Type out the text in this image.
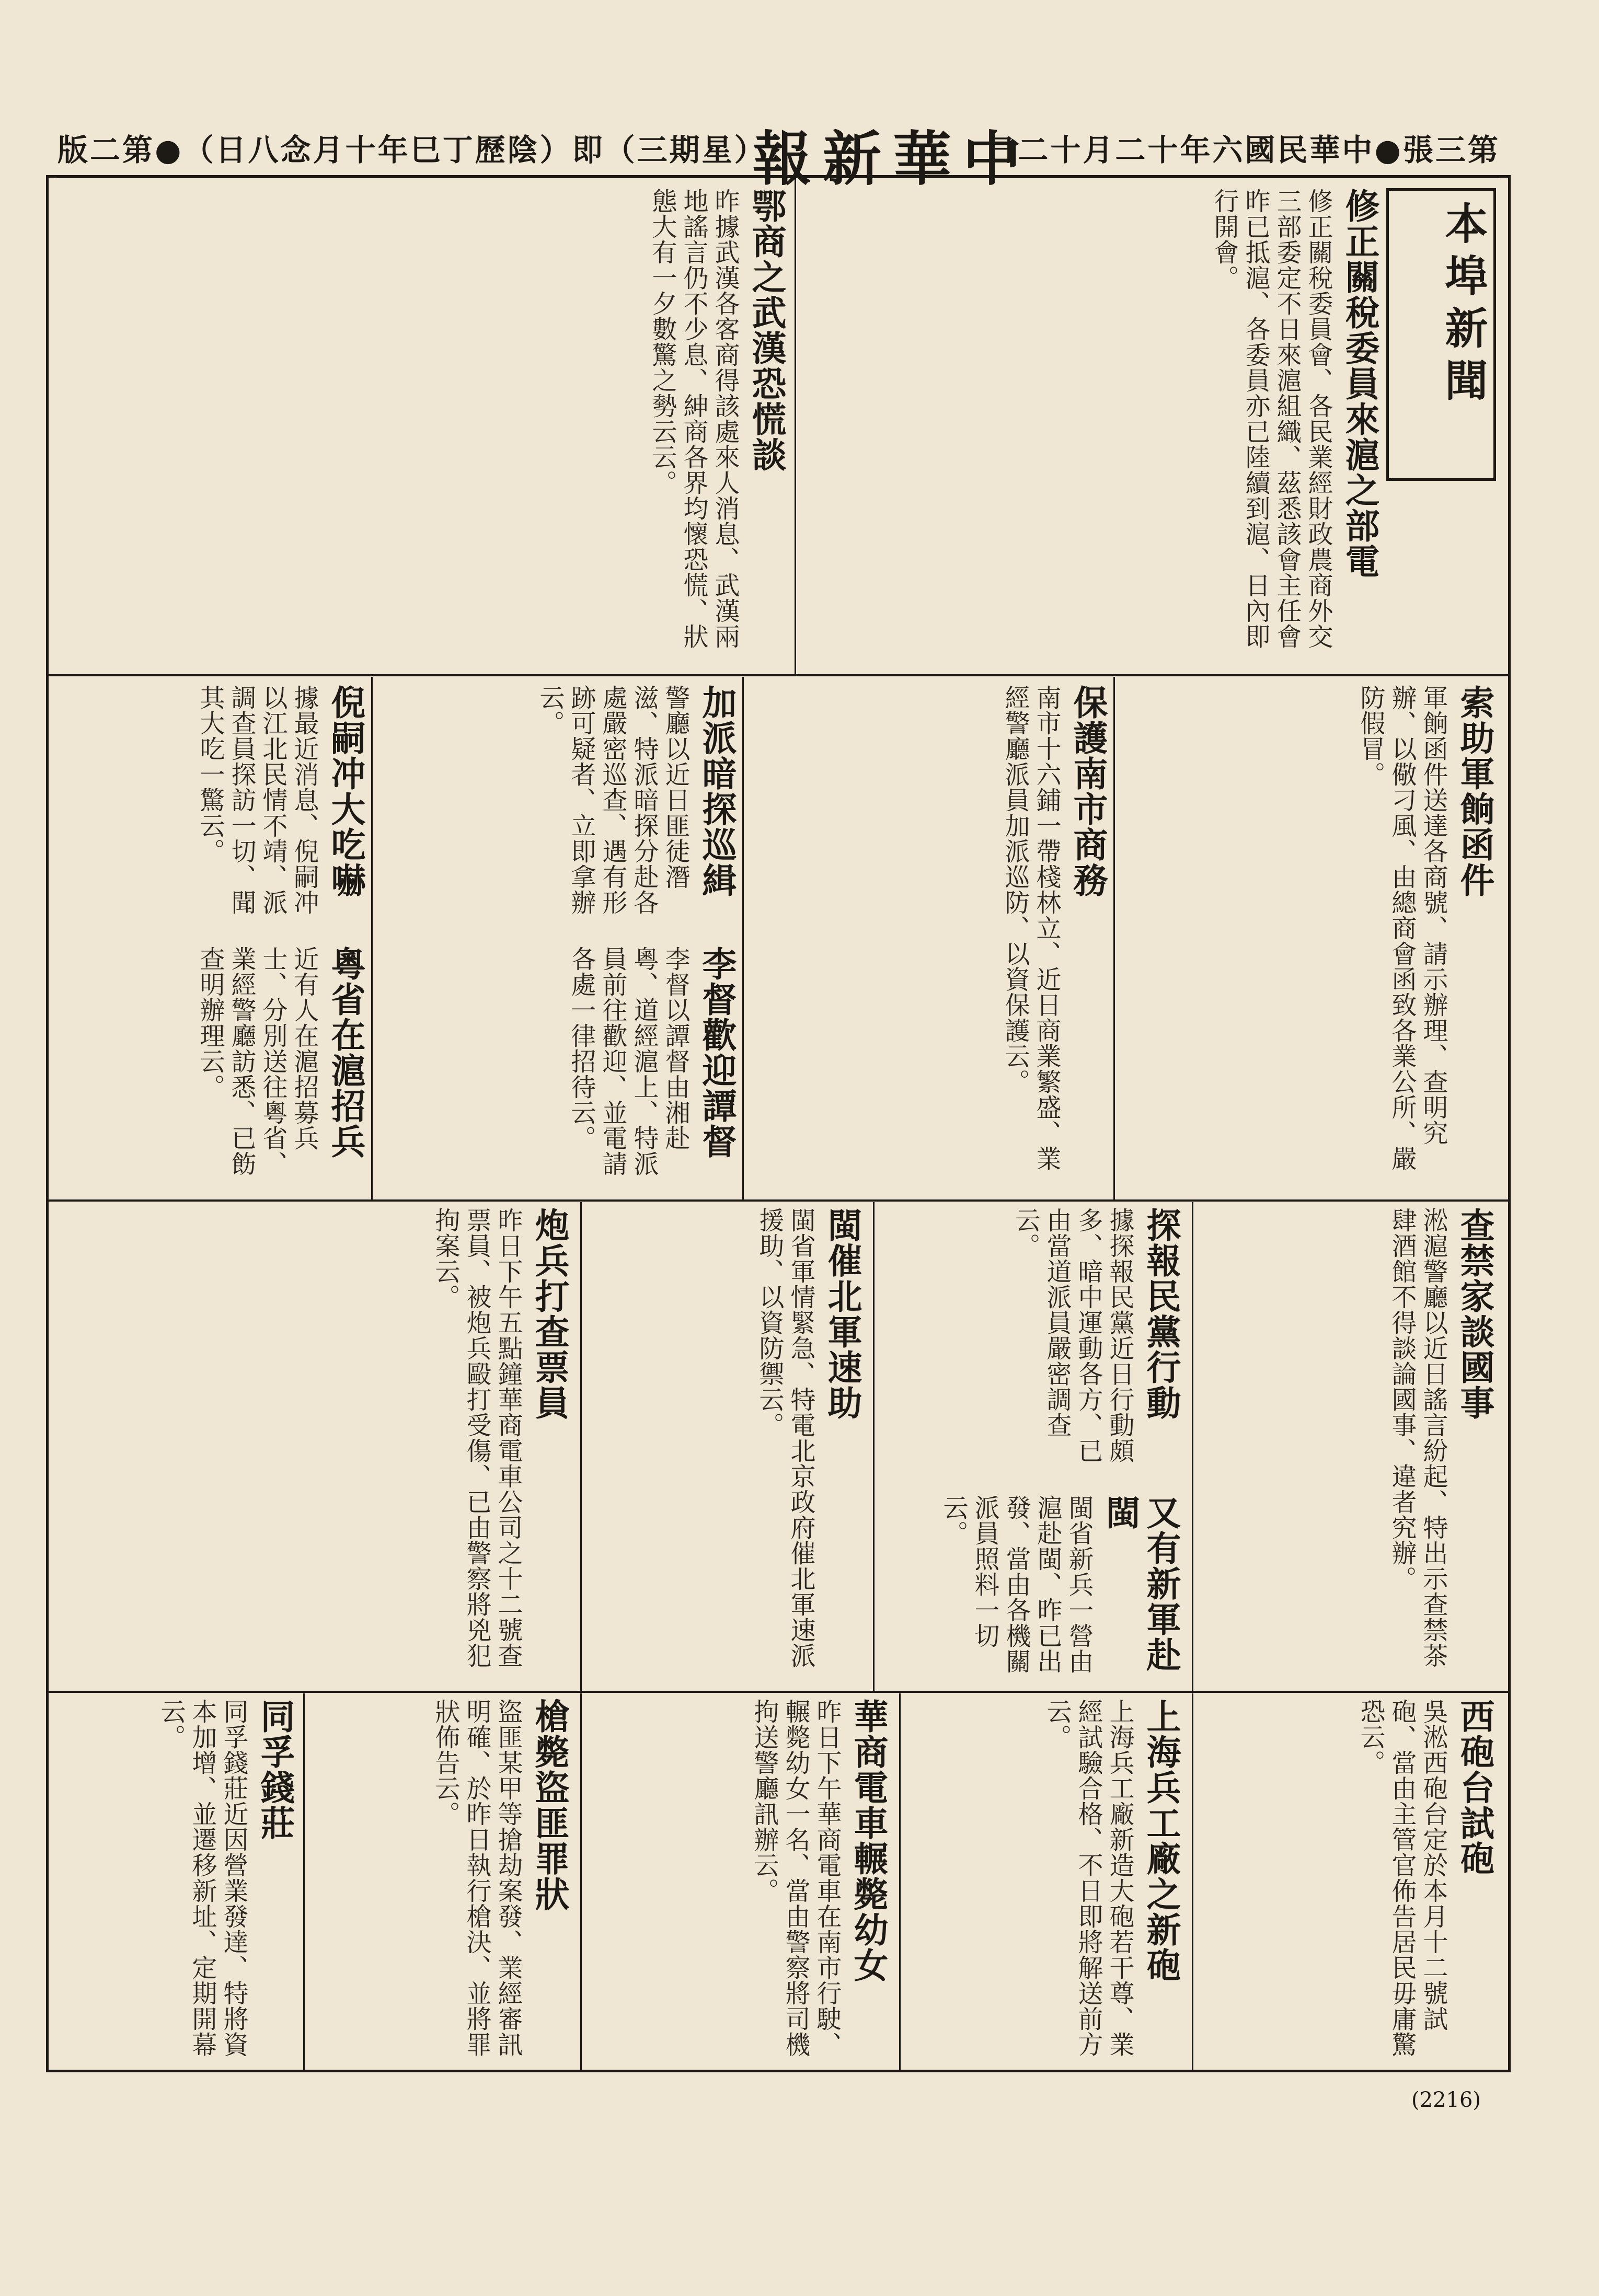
版二第●（日八念月十年巳丁歷陰）即（三期星）
報新華中
日二十月二十年六國民華中●張三第
本埠新聞
修正關稅委員來滬之部電
修正關稅委員會、各民業經財政農商外交三部委定不日來滬組織、茲悉該會主任會昨已抵滬、各委員亦已陸續到滬、日內即行開會。
鄂商之武漢恐慌談
昨據武漢各客商得該處來人消息、武漢兩地謠言仍不少息、紳商各界均懷恐慌、狀態大有一夕數驚之勢云云。
索助軍餉函件
軍餉函件送達各商號、請示辦理、查明究辦、以儆刁風、由總商會函致各業公所、嚴防假冒。
保護南市商務
南市十六鋪一帶棧林立、近日商業繁盛、業經警廳派員加派巡防、以資保護云。
加派暗探巡緝
警廳以近日匪徒潛滋、特派暗探分赴各處嚴密巡查、遇有形跡可疑者、立即拿辦云。
倪嗣冲大吃嚇
據最近消息、倪嗣冲以江北民情不靖、派調查員探訪一切、聞其大吃一驚云。
李督歡迎譚督
李督以譚督由湘赴粵、道經滬上、特派員前往歡迎、並電請各處一律招待云。
粵省在滬招兵
近有人在滬招募兵士、分別送往粵省、業經警廳訪悉、已飭查明辦理云。
查禁家談國事
淞滬警廳以近日謠言紛起、特出示查禁茶肆酒館不得談論國事、違者究辦。
探報民黨行動
據探報民黨近日行動頗多、暗中運動各方、已由當道派員嚴密調查云。
又有新軍赴閩
閩省新兵一營由滬赴閩、昨已出發、當由各機關派員照料一切云。
閩催北軍速助
閩省軍情緊急、特電北京政府催北軍速派援助、以資防禦云。
炮兵打查票員
昨日下午五點鐘華商電車公司之十二號查票員、被炮兵毆打受傷、已由警察將兇犯拘案云。
西砲台試砲
吳淞西砲台定於本月十二號試砲、當由主管官佈告居民毋庸驚恐云。
上海兵工廠之新砲
上海兵工廠新造大砲若干尊、業經試驗合格、不日即將解送前方云。
華商電車輾斃幼女
昨日下午華商電車在南市行駛、輾斃幼女一名、當由警察將司機拘送警廳訊辦云。
槍斃盜匪罪狀
盜匪某甲等搶劫案發、業經審訊明確、於昨日執行槍決、並將罪狀佈告云。
同孚錢莊
同孚錢莊近因營業發達、特將資本加增、並遷移新址、定期開幕云。
(2216)
